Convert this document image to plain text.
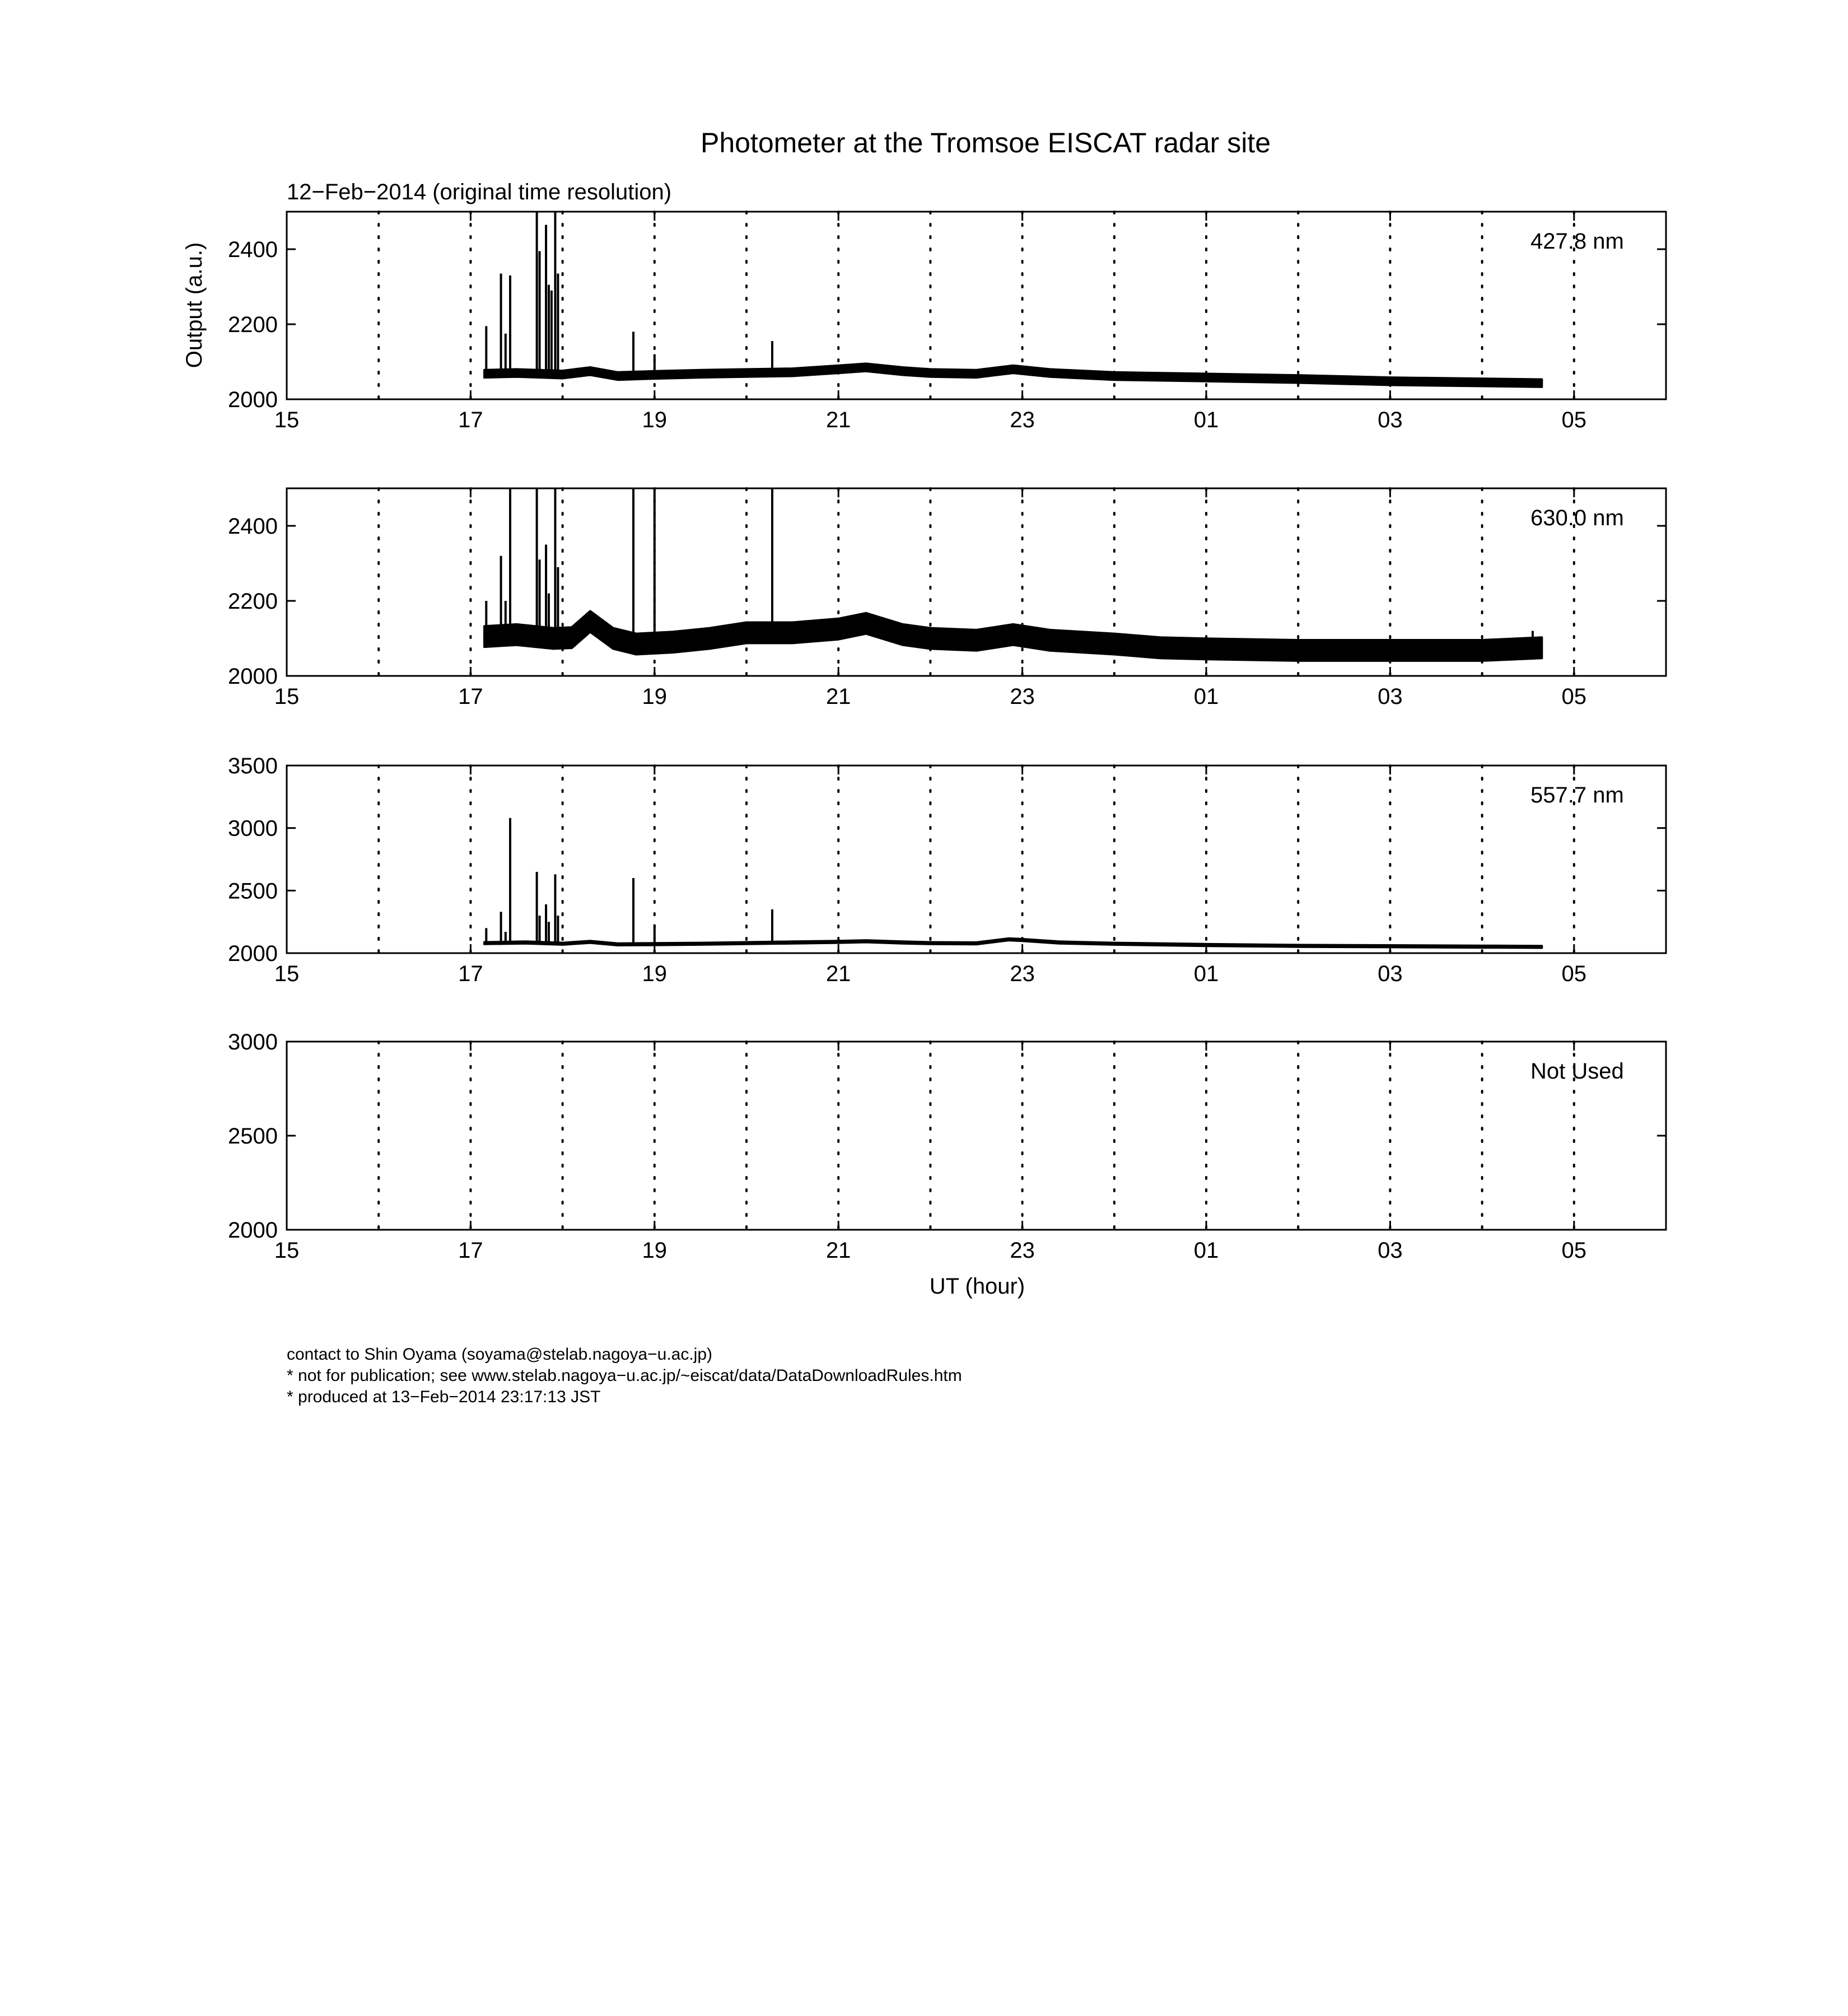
Photometer at the Tromsoe EISCAT radar site
12−Feb−2014 (original time resolution)
Output (a.u.)
UT (hour)
15	17	19	21	23	01	03	05
2000
2200
2400	427.8 nm
15	17	19	21	23	01	03	05
2000
2200
2400	630.0 nm
15	17	19	21	23	01	03	05
2000
2500
3000
3500
557.7 nm
15	17	19	21	23	01	03	05
2000
2500
3000
Not Used
contact to Shin Oyama (soyama@stelab.nagoya−u.ac.jp)
* not for publication; see www.stelab.nagoya−u.ac.jp/~eiscat/data/DataDownloadRules.htm
* produced at 13−Feb−2014 23:17:13 JST
